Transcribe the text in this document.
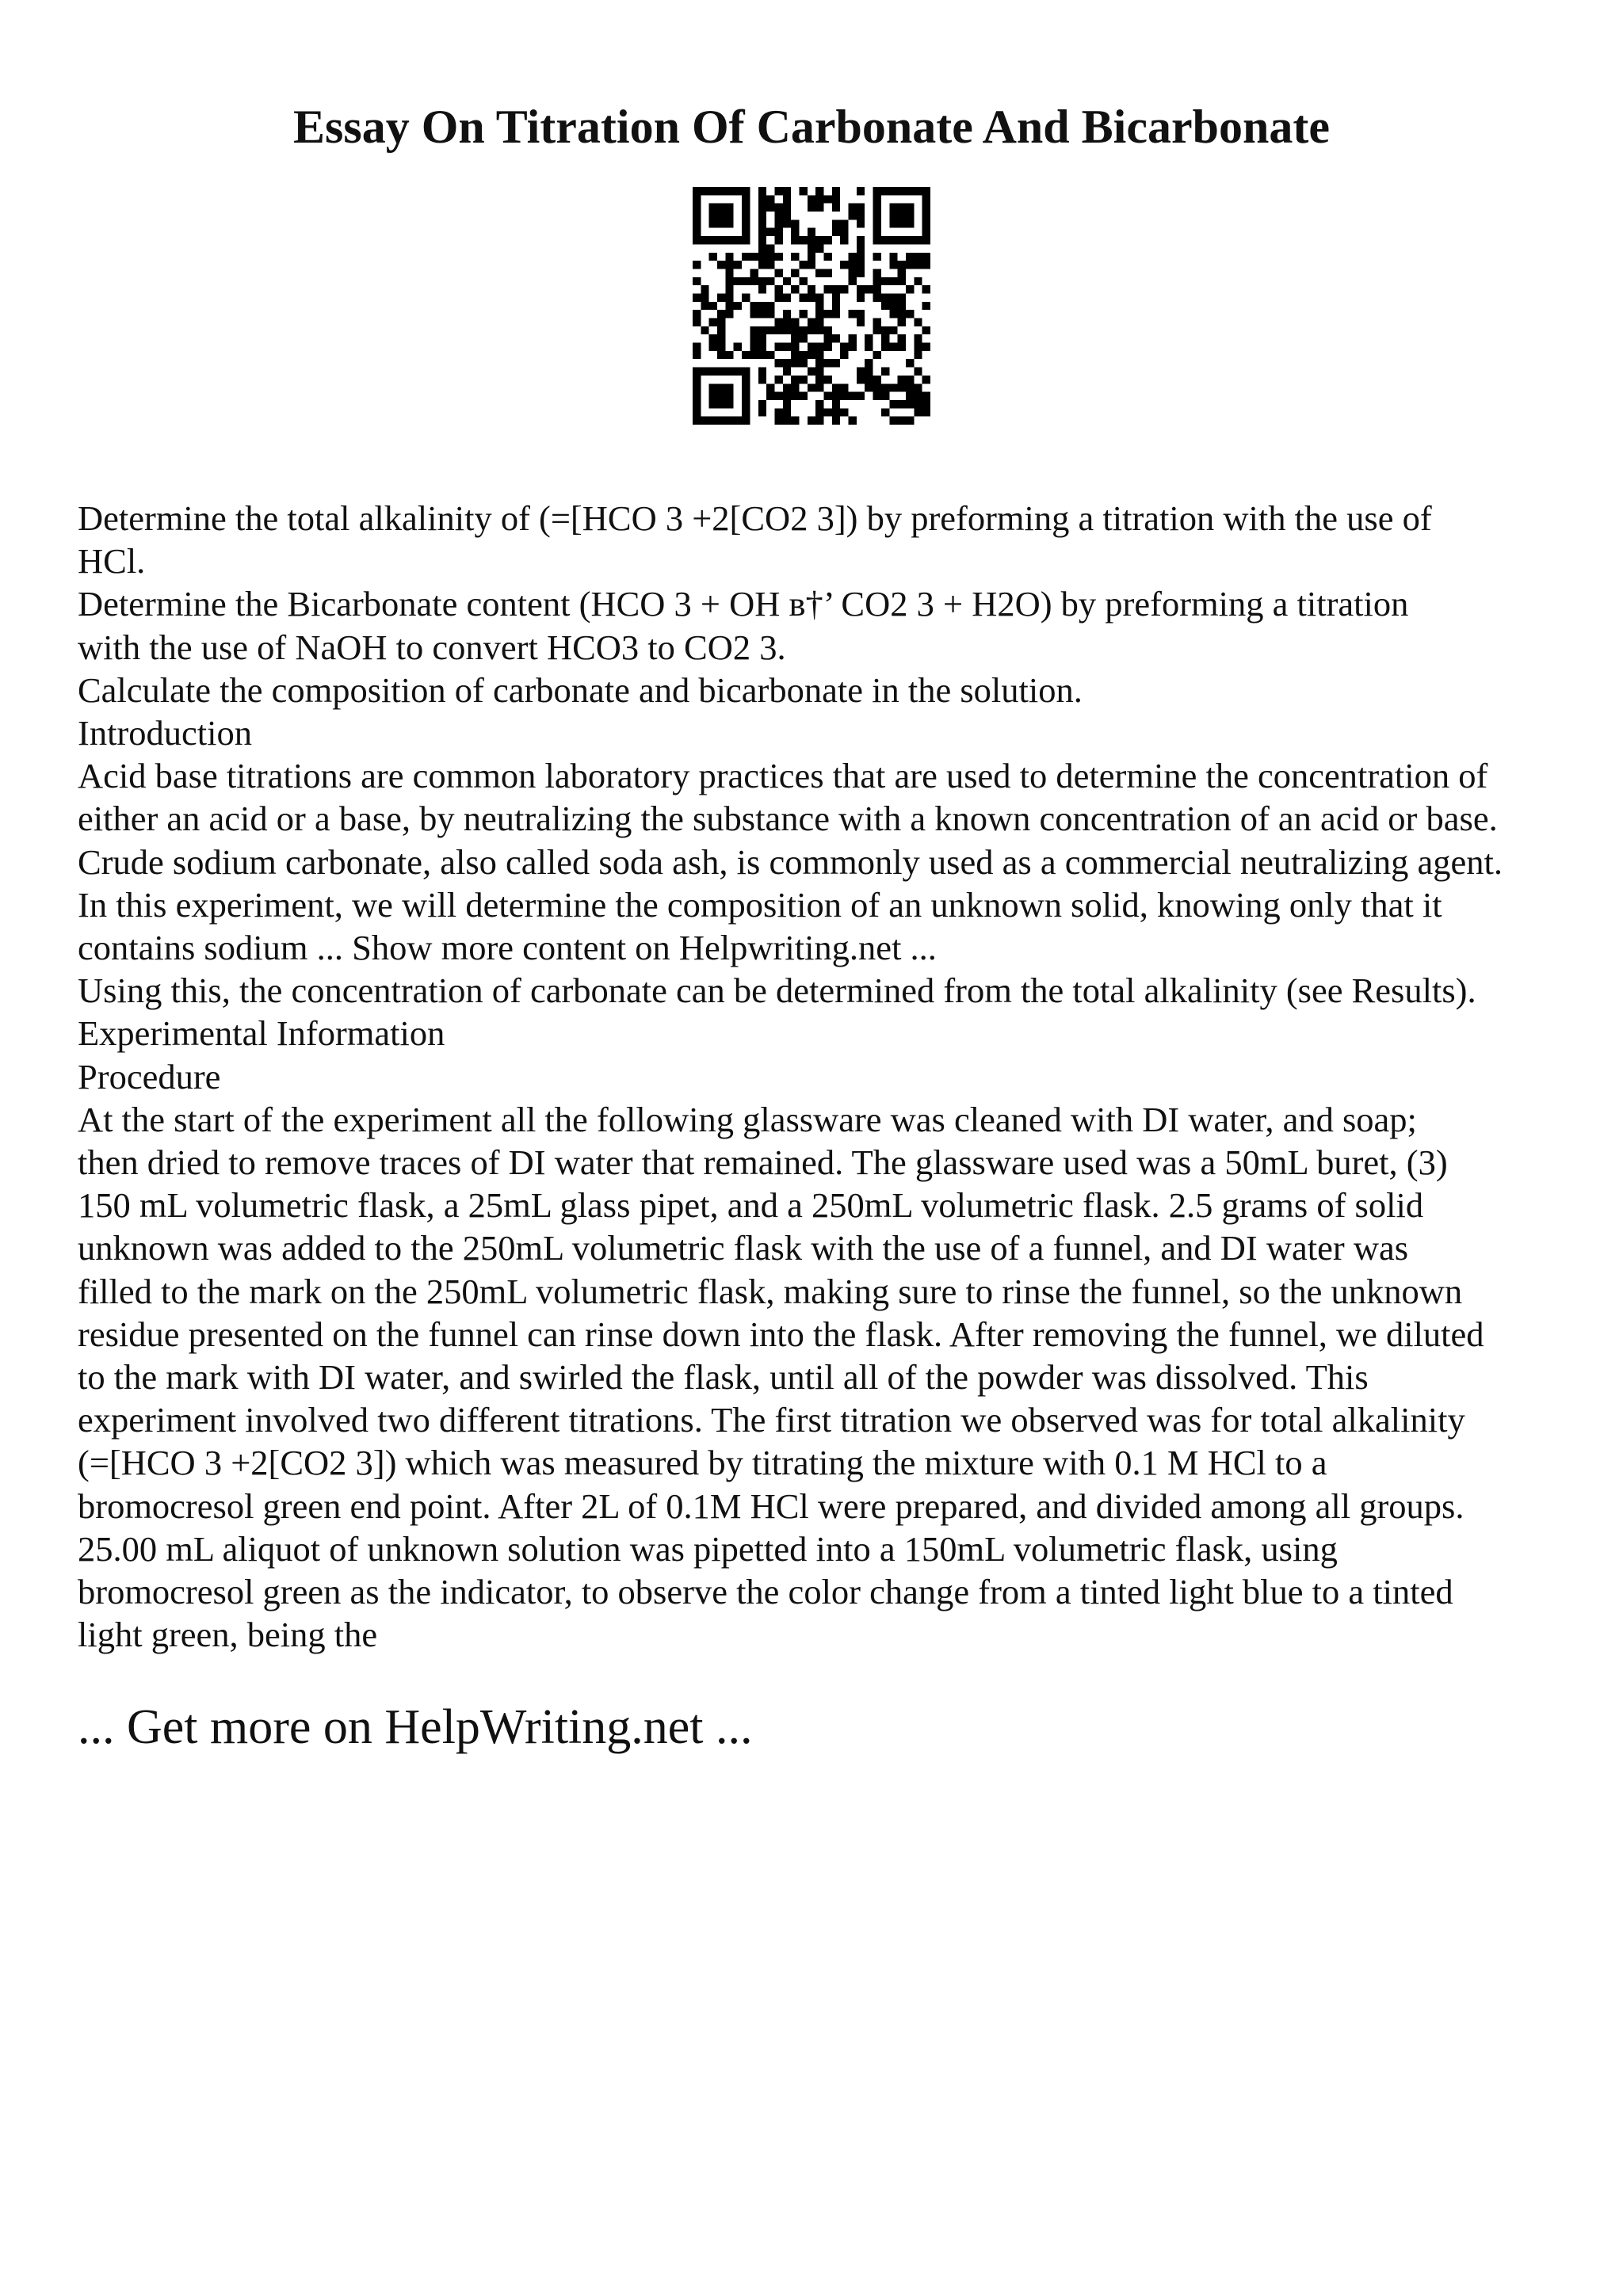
Essay On Titration Of Carbonate And Bicarbonate
Determine the total alkalinity of (=[HCO 3 +2[CO2 3]) by preforming a titration with the use of
HCl.
Determine the Bicarbonate content (HCO 3 + OH в†’ CO2 3 + H2O) by preforming a titration
with the use of NaOH to convert HCO3 to CO2 3.
Calculate the composition of carbonate and bicarbonate in the solution.
Introduction
Acid base titrations are common laboratory practices that are used to determine the concentration of
either an acid or a base, by neutralizing the substance with a known concentration of an acid or base.
Crude sodium carbonate, also called soda ash, is commonly used as a commercial neutralizing agent.
In this experiment, we will determine the composition of an unknown solid, knowing only that it
contains sodium ... Show more content on Helpwriting.net ...
Using this, the concentration of carbonate can be determined from the total alkalinity (see Results).
Experimental Information
Procedure
At the start of the experiment all the following glassware was cleaned with DI water, and soap;
then dried to remove traces of DI water that remained. The glassware used was a 50mL buret, (3)
150 mL volumetric flask, a 25mL glass pipet, and a 250mL volumetric flask. 2.5 grams of solid
unknown was added to the 250mL volumetric flask with the use of a funnel, and DI water was
filled to the mark on the 250mL volumetric flask, making sure to rinse the funnel, so the unknown
residue presented on the funnel can rinse down into the flask. After removing the funnel, we diluted
to the mark with DI water, and swirled the flask, until all of the powder was dissolved. This
experiment involved two different titrations. The first titration we observed was for total alkalinity
(=[HCO 3 +2[CO2 3]) which was measured by titrating the mixture with 0.1 M HCl to a
bromocresol green end point. After 2L of 0.1M HCl were prepared, and divided among all groups.
25.00 mL aliquot of unknown solution was pipetted into a 150mL volumetric flask, using
bromocresol green as the indicator, to observe the color change from a tinted light blue to a tinted
light green, being the
... Get more on HelpWriting.net ...
